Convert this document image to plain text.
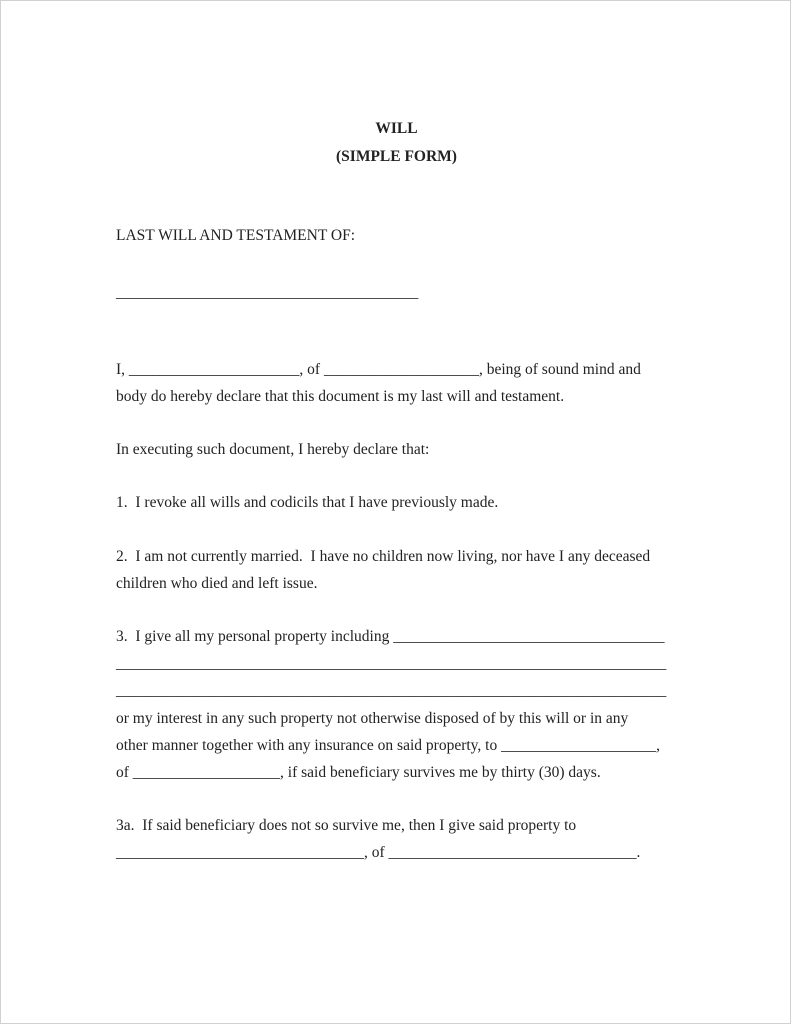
WILL
(SIMPLE FORM)
LAST WILL AND TESTAMENT OF:
_______________________________________
I, ______________________, of ____________________, being of sound mind and
body do hereby declare that this document is my last will and testament.
In executing such document, I hereby declare that:
1.  I revoke all wills and codicils that I have previously made.
2.  I am not currently married.  I have no children now living, nor have I any deceased
children who died and left issue.
3.  I give all my personal property including ___________________________________
_______________________________________________________________________
_______________________________________________________________________
or my interest in any such property not otherwise disposed of by this will or in any
other manner together with any insurance on said property, to ____________________,
of ___________________, if said beneficiary survives me by thirty (30) days.
3a.  If said beneficiary does not so survive me, then I give said property to
________________________________, of ________________________________.
